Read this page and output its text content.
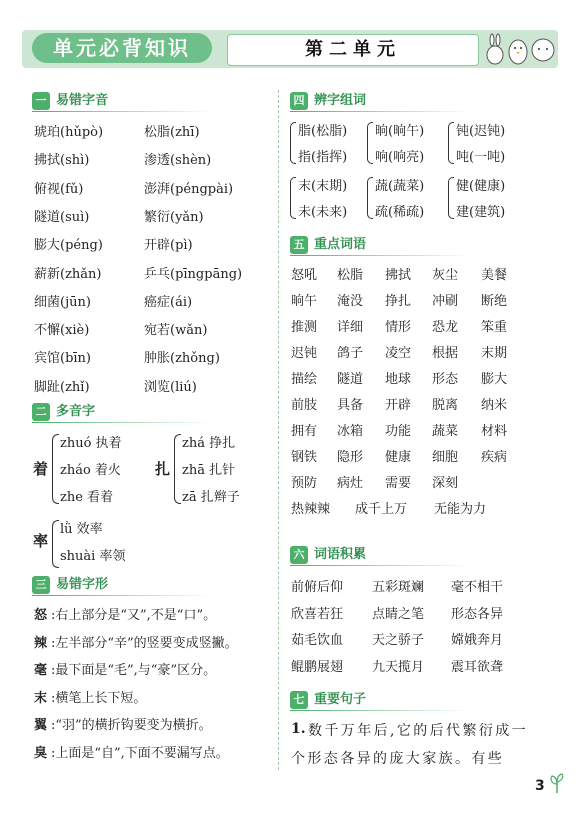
单元必背知识	第二单元
一 易错字音
琥珀(hǔpò)
拂拭(shì)
俯视(fǔ)
隧道(suì)
膨大(péng)
薪新(zhǎn)
细菌(jūn)
不懈(xiè)
宾馆(bīn)
脚趾(zhǐ)
松脂(zhī)
渗透(shèn)
澎湃(péngpài)
繁衍(yǎn)
开辟(pì)
乒乓(pīngpāng)
癌症(ái)
宛若(wǎn)
肿胀(zhǒng)
浏览(liú)
二 多音字
着
zhuó 执着
zháo 着火
zhe 看着
扎
zhá 挣扎
zhā 扎针
zā 扎辫子
率
lǜ 效率
shuài 率领
三 易错字形
怒 :右上部分是“又”,不是“口”。
辣 :左半部分“辛”的竖要变成竖撇。
毫 :最下面是“毛”,与“豪”区分。
末 :横笔上长下短。
翼 :“羽”的横折钩要变为横折。
臭 :上面是“自”,下面不要漏写点。
四 辨字组词
脂(松脂) 晌(晌午) 钝(迟钝)
指(指挥) 响(响亮) 吨(一吨)
末(末期) 蔬(蔬菜) 健(健康)
未(未来) 疏(稀疏) 建(建筑)
五 重点词语
怒吼 松脂 拂拭 灰尘 美餐
晌午 淹没 挣扎 冲刷 断绝
推测 详细 情形 恐龙 笨重
迟钝 鸽子 凌空 根据 末期
描绘 隧道 地球 形态 膨大
前肢 具备 开辟 脱离 纳米
拥有 冰箱 功能 蔬菜 材料
钢铁 隐形 健康 细胞 疾病
预防 病灶 需要 深刻
热辣辣 成千上万 无能为力
六 词语积累
前俯后仰 五彩斑斓 毫不相干
欣喜若狂 点睛之笔 形态各异
茹毛饮血 天之骄子 嫦娥奔月
鲲鹏展翅 九天揽月 震耳欲聋
七 重要句子
1. 数千万年后,它的后代繁衍成一
个形态各异的庞大家族。有些
3
